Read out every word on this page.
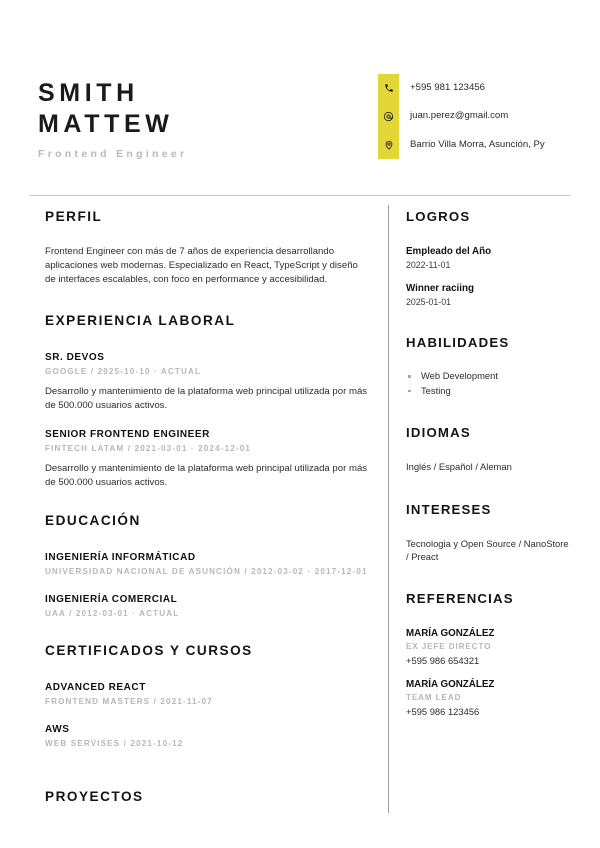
SMITH
MATTEW
Frontend Engineer
+595 981 123456
juan.perez@gmail.com
Barrio Villa Morra, Asunción, Py
PERFIL

Frontend Engineer con más de 7 años de experiencia desarrollando aplicaciones web modernas. Especializado en React, TypeScript y diseño de interfaces escalables, con foco en performance y accesibilidad.

EXPERIENCIA LABORAL
SR. DEVOS
GOOGLE / 2025-10-10 · ACTUAL

Desarrollo y mantenimiento de la plataforma web principal utilizada por más de 500.000 usuarios activos.

SENIOR FRONTEND ENGINEER
FINTECH LATAM / 2021-03-01 · 2024-12-01

Desarrollo y mantenimiento de la plataforma web principal utilizada por más de 500.000 usuarios activos.

EDUCACIÓN
INGENIERÍA INFORMÁTICAD
UNIVERSIDAD NACIONAL DE ASUNCIÓN / 2012-03-02 · 2017-12-01
INGENIERÍA COMERCIAL
UAA / 2012-03-01 · ACTUAL
CERTIFICADOS Y CURSOS
ADVANCED REACT
FRONTEND MASTERS / 2021-11-07
AWS
WEB SERVISES / 2021-10-12
PROYECTOS
LOGROS
Empleado del Año
2022-11-01
Winner raciing
2025-01-01
HABILIDADES
Web Development
Testing
IDIOMAS

Inglés / Español / Aleman

INTERESES

Tecnologia y Open Source / NanoStore / Preact

REFERENCIAS
MARÍA GONZÁLEZ
EX JEFE DIRECTO
+595 986 654321
MARÍA GONZÁLEZ
TEAM LEAD
+595 986 123456
